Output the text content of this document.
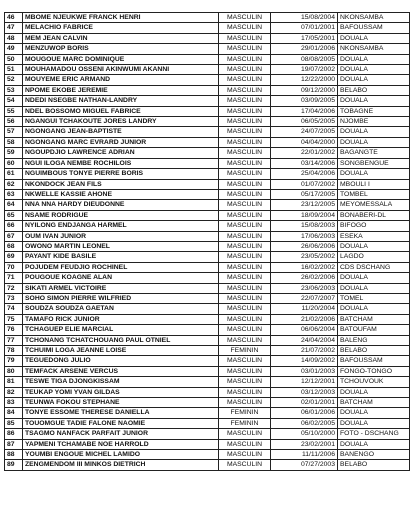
46	MBOME NJEUKWE FRANCK HENRI	MASCULIN	15/08/2004	NKONSAMBA
47	MELACHIO FABRICE	MASCULIN	07/01/2001	BAFOUSSAM
48	MEM JEAN CALVIN	MASCULIN	17/05/2001	DOUALA
49	MENZUWOP BORIS	MASCULIN	29/01/2006	NKONSAMBA
50	MOUGOUE MARC DOMINIQUE	MASCULIN	08/08/2005	DOUALA
51	MOUHAMADOU OSSENI AKINWUMI AKANNI	MASCULIN	19/07/2002	DOUALA
52	MOUYEME ERIC ARMAND	MASCULIN	12/22/2000	DOUALA
53	NPOME EKOBE JEREMIE	MASCULIN	09/12/2000	BELABO
54	NDEDI NSEGBE NATHAN-LANDRY	MASCULIN	03/09/2005	DOUALA
55	NDEL BOSSOMO MIGUEL FABRICE	MASCULIN	17/04/2006	TOBAGNE
56	NGANGUI TCHAKOUTE JORES LANDRY	MASCULIN	06/05/2005	NJOMBE
57	NGONGANG JEAN-BAPTISTE	MASCULIN	24/07/2005	DOUALA
58	NGONGANG MARC EVRARD JUNIOR	MASCULIN	04/04/2000	DOUALA
59	NGOUPDJIO LAWRENCE ADRIAN	MASCULIN	22/01/2002	BAGANGTE
60	NGUI ILOGA NEMBE ROCHILOIS	MASCULIN	03/14/2006	SONGBENGUE
61	NGUIMBOUS TONYE PIERRE BORIS	MASCULIN	25/04/2006	DOUALA
62	NKONDOCK JEAN FILS	MASCULIN	01/07/2002	MBOULI I
63	NKWELLE KASSIE AHONE	MASCULIN	05/17/2005	TOMBEL
64	NNA NNA HARDY DIEUDONNE	MASCULIN	23/12/2005	MEYOMESSALA
65	NSAME RODRIGUE	MASCULIN	18/09/2004	BONABERI-DL
66	NYILONG ENDJANGA HARMEL	MASCULIN	15/08/2003	BIFOGO
67	OUM IVAN JUNIOR	MASCULIN	17/06/2003	ESEKA
68	OWONO MARTIN LEONEL	MASCULIN	26/06/2006	DOUALA
69	PAYANT KIDE BASILE	MASCULIN	23/05/2002	LAGDO
70	POJUDEM FEUDJIO ROCHINEL	MASCULIN	16/02/2002	CDS DSCHANG
71	POUGOUE KOAGNE ALAN	MASCULIN	26/02/2006	DOUALA
72	SIKATI ARMEL VICTOIRE	MASCULIN	23/06/2003	DOUALA
73	SOHO SIMON PIERRE WILFRIED	MASCULIN	22/07/2007	TOMEL
74	SOUDZA SOUDZA GAETAN	MASCULIN	11/20/2004	DOUALA
75	TAMAFO RICK JUNIOR	MASCULIN	21/02/2006	BATCHAM
76	TCHAGUEP ELIE MARCIAL	MASCULIN	06/06/2004	BATOUFAM
77	TCHONANG TCHATCHOUANG PAUL OTNIEL	MASCULIN	24/04/2004	BALENG
78	TCHUIMI LOGA JEANNE LOISE	FEMININ	21/07/2002	BELABO
79	TEGUEDONG JULIO	MASCULIN	14/09/2002	BAFOUSSAM
80	TEMFACK ARSENE VERCUS	MASCULIN	03/01/2003	FONGO-TONGO
81	TESWE TIGA DJONGKISSAM	MASCULIN	12/12/2001	TCHOUVOUK
82	TEUKAP YOMI YVAN GILDAS	MASCULIN	03/12/2003	DOUALA
83	TEUNWA FOKOU STEPHANE	MASCULIN	02/01/2001	BATCHAM
84	TONYE ESSOME THERESE DANIELLA	FEMININ	06/01/2006	DOUALA
85	TOUOMGUE TADIE FALONE NAOMIE	FEMININ	06/02/2005	DOUALA
86	TSAGMO NANFACK PARFAIT JUNIOR	MASCULIN	05/10/2000	FOTO - DSCHANG
87	YAPMENI TCHAMABE NOE HARROLD	MASCULIN	23/02/2001	DOUALA
88	YOUMBI ENGOUE MICHEL LAMIDO	MASCULIN	11/11/2006	BANENGO
89	ZENGMENDOM III MINKOS DIETRICH	MASCULIN	07/27/2003	BELABO
